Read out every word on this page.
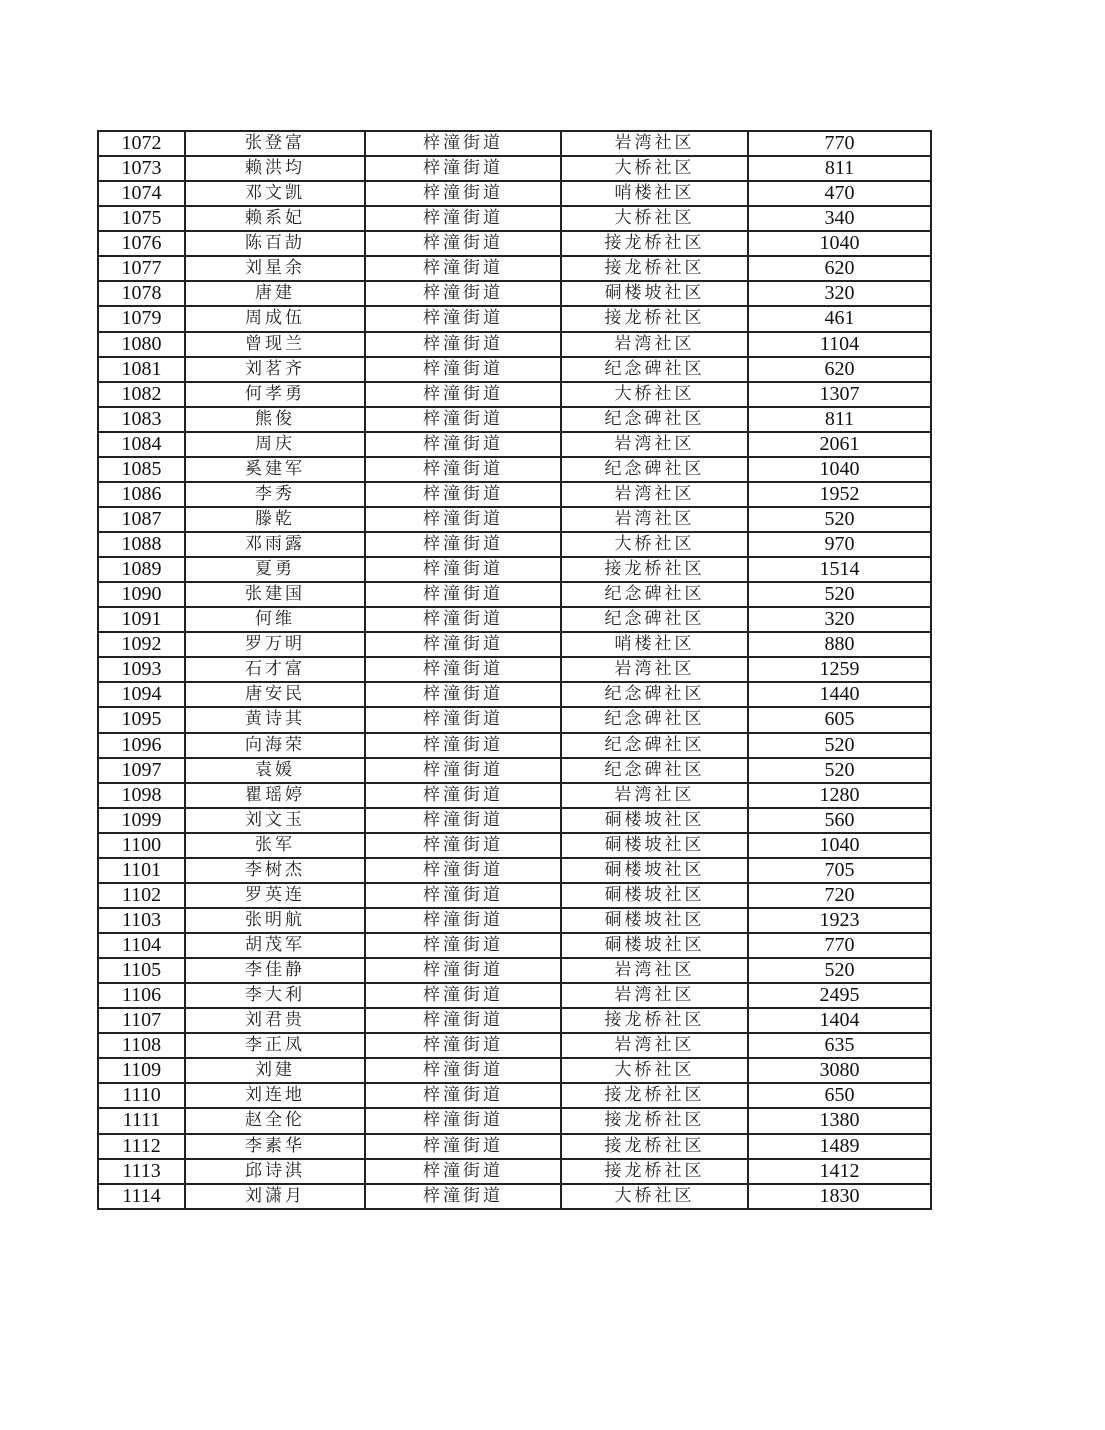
1072	张登富	梓潼街道	岩湾社区	770
1073	赖洪均	梓潼街道	大桥社区	811
1074	邓文凯	梓潼街道	哨楼社区	470
1075	赖系妃	梓潼街道	大桥社区	340
1076	陈百劼	梓潼街道	接龙桥社区	1040
1077	刘星余	梓潼街道	接龙桥社区	620
1078	唐建	梓潼街道	硐楼坡社区	320
1079	周成伍	梓潼街道	接龙桥社区	461
1080	曾现兰	梓潼街道	岩湾社区	1104
1081	刘茗齐	梓潼街道	纪念碑社区	620
1082	何孝勇	梓潼街道	大桥社区	1307
1083	熊俊	梓潼街道	纪念碑社区	811
1084	周庆	梓潼街道	岩湾社区	2061
1085	奚建军	梓潼街道	纪念碑社区	1040
1086	李秀	梓潼街道	岩湾社区	1952
1087	滕乾	梓潼街道	岩湾社区	520
1088	邓雨露	梓潼街道	大桥社区	970
1089	夏勇	梓潼街道	接龙桥社区	1514
1090	张建国	梓潼街道	纪念碑社区	520
1091	何维	梓潼街道	纪念碑社区	320
1092	罗万明	梓潼街道	哨楼社区	880
1093	石才富	梓潼街道	岩湾社区	1259
1094	唐安民	梓潼街道	纪念碑社区	1440
1095	黄诗其	梓潼街道	纪念碑社区	605
1096	向海荣	梓潼街道	纪念碑社区	520
1097	袁媛	梓潼街道	纪念碑社区	520
1098	瞿瑶婷	梓潼街道	岩湾社区	1280
1099	刘文玉	梓潼街道	硐楼坡社区	560
1100	张军	梓潼街道	硐楼坡社区	1040
1101	李树杰	梓潼街道	硐楼坡社区	705
1102	罗英连	梓潼街道	硐楼坡社区	720
1103	张明航	梓潼街道	硐楼坡社区	1923
1104	胡茂军	梓潼街道	硐楼坡社区	770
1105	李佳静	梓潼街道	岩湾社区	520
1106	李大利	梓潼街道	岩湾社区	2495
1107	刘君贵	梓潼街道	接龙桥社区	1404
1108	李正凤	梓潼街道	岩湾社区	635
1109	刘建	梓潼街道	大桥社区	3080
1110	刘连地	梓潼街道	接龙桥社区	650
1111	赵全伦	梓潼街道	接龙桥社区	1380
1112	李素华	梓潼街道	接龙桥社区	1489
1113	邱诗淇	梓潼街道	接龙桥社区	1412
1114	刘潇月	梓潼街道	大桥社区	1830
